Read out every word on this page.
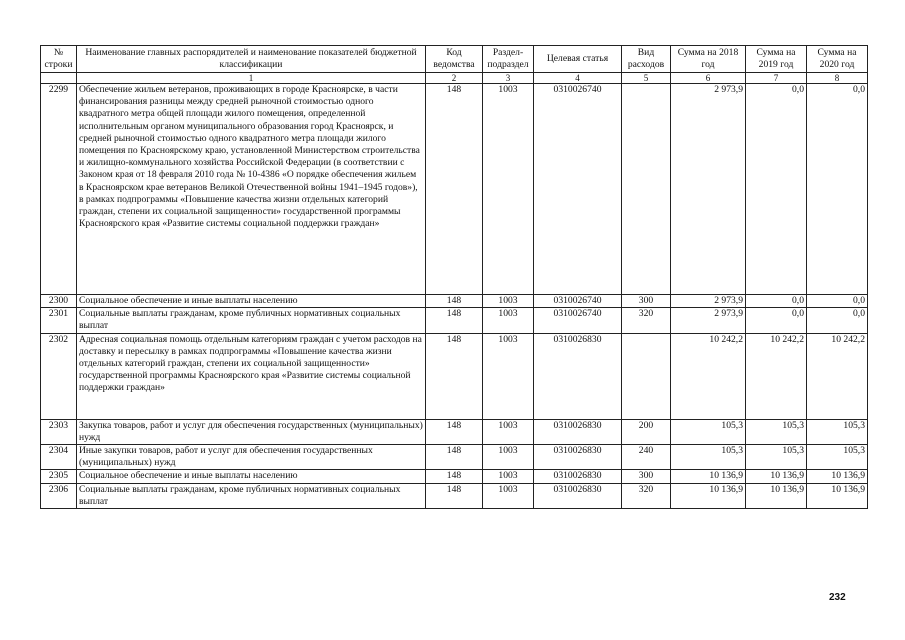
№ строки	Наименование главных распорядителей и наименование показателей бюджетной классификации	Код ведомства	Раздел-подраздел	Целевая статья	Вид расходов	Сумма на 2018 год	Сумма на 2019 год	Сумма на 2020 год
	1	2	3	4	5	6	7	8
2299	Обеспечение жильем ветеранов, проживающих в городе Красноярске, в части финансирования разницы между средней рыночной стоимостью одного квадратного метра общей площади жилого помещения, определенной исполнительным органом муниципального образования город Красноярск, и средней рыночной стоимостью одного квадратного метра площади жилого помещения по Красноярскому краю, установленной Министерством строительства и жилищно-коммунального хозяйства Российской Федерации (в соответствии с Законом края от 18 февраля 2010 года № 10-4386 «О порядке обеспечения жильем в Красноярском крае ветеранов Великой Отечественной войны 1941–1945 годов»), в рамках подпрограммы «Повышение качества жизни отдельных категорий граждан, степени их социальной защищенности» государственной программы Красноярского края «Развитие системы социальной поддержки граждан»	148	1003	0310026740		2 973,9	0,0	0,0
2300	Социальное обеспечение и иные выплаты населению	148	1003	0310026740	300	2 973,9	0,0	0,0
2301	Социальные выплаты гражданам, кроме публичных нормативных социальных выплат	148	1003	0310026740	320	2 973,9	0,0	0,0
2302	Адресная социальная помощь отдельным категориям граждан с учетом расходов на доставку и пересылку в рамках подпрограммы «Повышение качества жизни отдельных категорий граждан, степени их социальной защищенности» государственной программы Красноярского края «Развитие системы социальной поддержки граждан»	148	1003	0310026830		10 242,2	10 242,2	10 242,2
2303	Закупка товаров, работ и услуг для обеспечения государственных (муниципальных) нужд	148	1003	0310026830	200	105,3	105,3	105,3
2304	Иные закупки товаров, работ и услуг для обеспечения государственных (муниципальных) нужд	148	1003	0310026830	240	105,3	105,3	105,3
2305	Социальное обеспечение и иные выплаты населению	148	1003	0310026830	300	10 136,9	10 136,9	10 136,9
2306	Социальные выплаты гражданам, кроме публичных нормативных социальных выплат	148	1003	0310026830	320	10 136,9	10 136,9	10 136,9
232
